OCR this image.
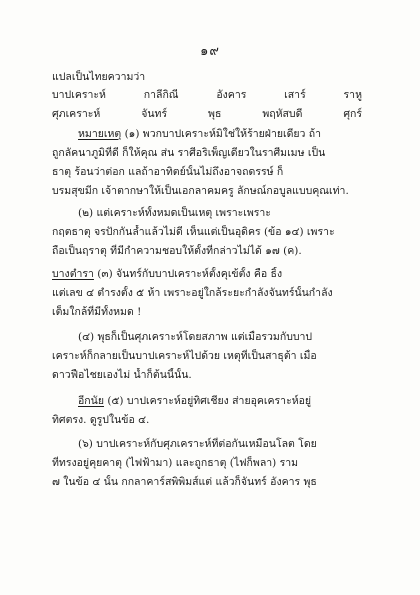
๑๙
แปลเป็นไทยความว่า
บาปเคราะห์	กาลีกิณี	อังคาร	เสาร์	ราหู
ศุภเคราะห์	จันทร์	พุธ	พฤหัสบดี	ศุกร์
หมายเหตุ (๑) พวกบาปเคราะห์มิใช่ให้ร้ายฝ่ายเดียว ถ้า
ถูกลัคนาภูมิที่ดี ก็ให้คุณ ส่น ราศีอริเพ็ญเดียวในราศีมเมษ เป็น
ธาตุ ร้อนว่าต่อก แลถ้าอาทิตย์นั้นไม่ถึงอาจถดรรษ์ ก็
บรมสุขมีก เจ้าตากษาให้เป็นเอกลาคมครู ลักษณ์กอบูลแบบคุณเท่า.
(๒) แต่เคราะห์ทั้งหมดเป็นเหตุ เพราะเพราะ
กฤตธาตุ จรปักกันล้ำแล้วไม่ดี เห็นแต่เป็นอุดิคร (ข้อ ๑๔) เพราะ
ถือเป็นฤราตุ ที่มีกำความชอบให้ตั้งที่กล่าวไม่ได้ ๑๗ (ค).
บางตำรา (๓) จันทร์กับบาปเคราะห์ตั้งคุเข้ตั้ง คือ ธิ้ง
แต่เลข ๔ ตำรงตั้ง ๕ ห้า เพราะอยู่ใกล้ระยะกำลังจันทร์นั้นกำลัง
เต็มใกล้ที่มีทั้งหมด !
(๔) พุธก็เป็นศุภเคราะห์โดยสภาพ แต่เมื่อรวมกับบาป
เคราะห์ก็กลายเป็นบาปเคราะห์ไปด้วย เหตุที่เป็นสาธุต้า เมื่อ
ดาวฟือไชยเองไม่ น้ำก็ต้นนี้นั้น.
อีกนัย (๕) บาปเคราะห์อยู่ทิศเชียง ส่ายอุคเคราะห์อยู่
ทิศตรง. ดูรูปในข้อ ๔.
(๖) บาปเคราะห์กับศุภเคราะห์ที่ต่อกันเหมือนโลต โดย
ที่ทรงอยู่คุยคาตุ (ไฟฟ้ามา) และถูกธาตุ (ไฟก็พลา) ราม
๗ ในข้อ ๔ นั้น กกลาคาร์สพิพิมส์แต่ แล้วก็จันทร์ อังคาร พุธ
